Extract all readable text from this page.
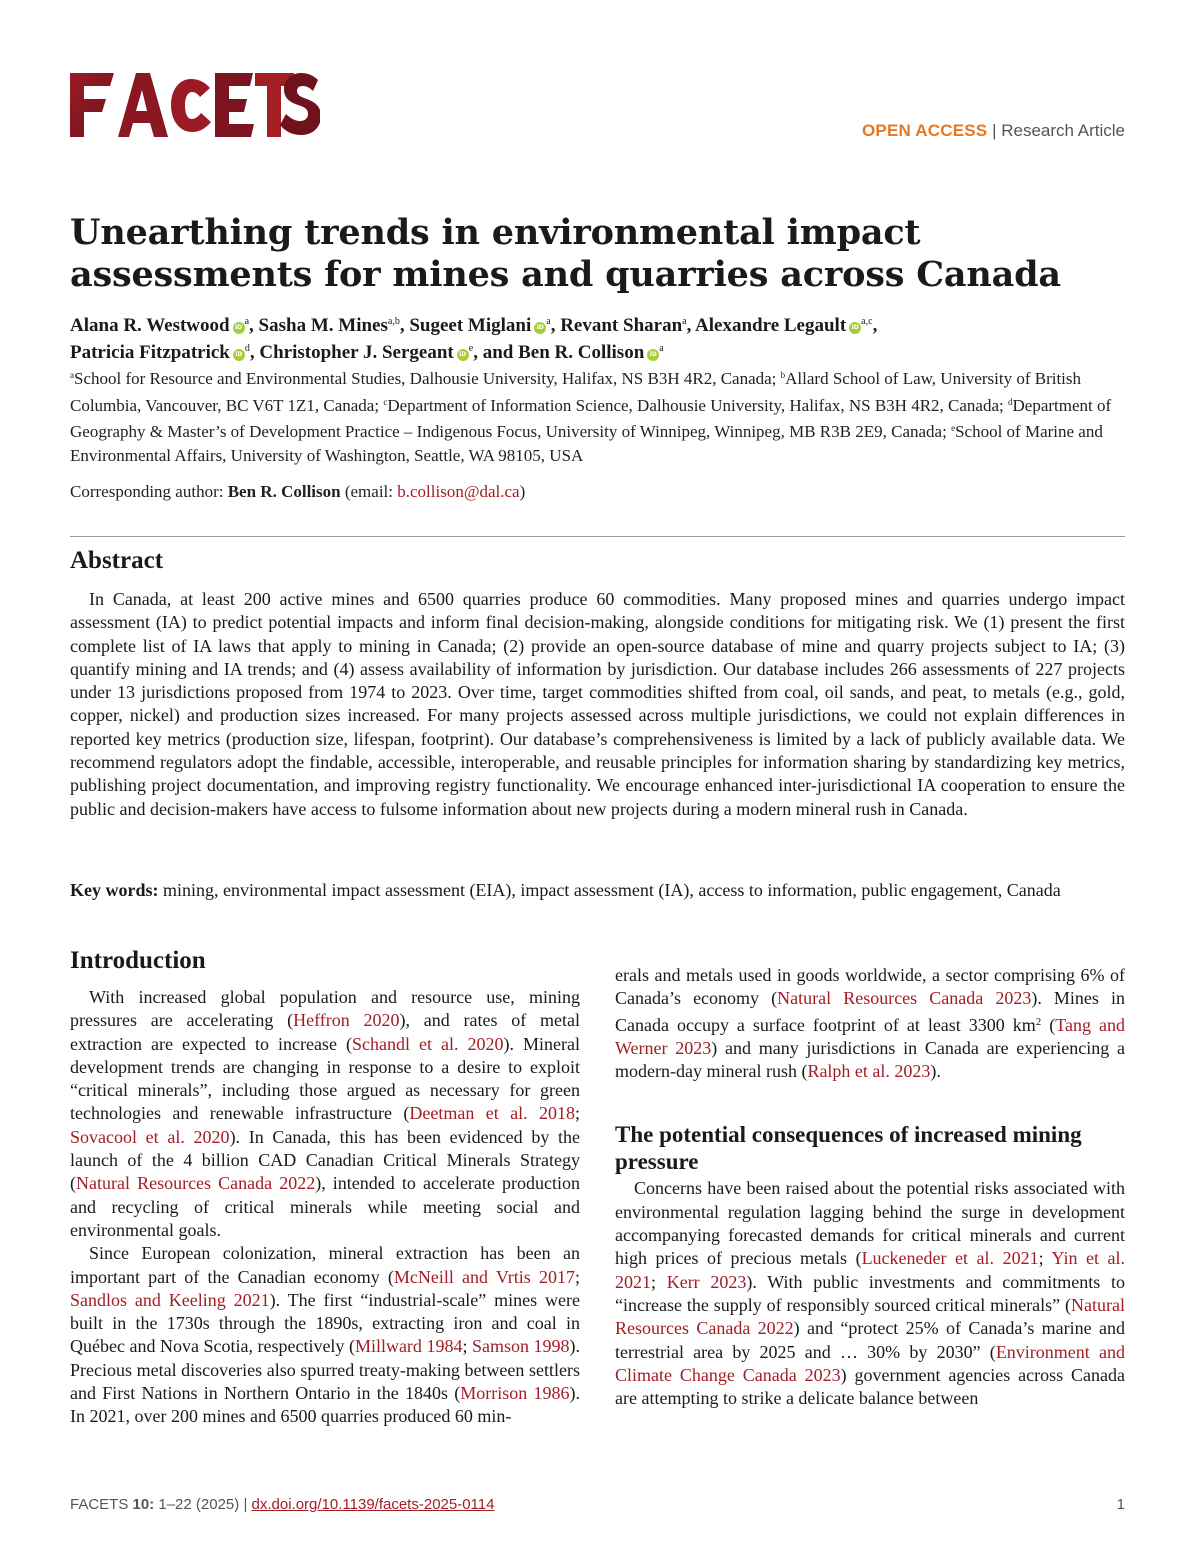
OPEN ACCESS | Research Article
Unearthing trends in environmental impact assessments for mines and quarries across Canada
Alana R. Westwood $iD^a$, Sasha M. Mines$^{a,b}$, Sugeet Miglani $iD^a$, Revant Sharan$^a$, Alexandre Legault iD$^{a,c}$,
Patricia Fitzpatrick $iD^d$, Christopher J. Sergeant $iD^e$, and Ben R. Collison $iD^a$
$^a$School for Resource and Environmental Studies, Dalhousie University, Halifax, NS B3H 4R2, Canada; $^b$Allard School of Law, University of British Columbia, Vancouver, BC V6T 1Z1, Canada; $^c$Department of Information Science, Dalhousie University, Halifax, NS B3H 4R2, Canada; $^d$Department of Geography & Master’s of Development Practice – Indigenous Focus, University of Winnipeg, Winnipeg, MB R3B 2E9, Canada; $^e$School of Marine and Environmental Affairs, University of Washington, Seattle, WA 98105, USA
Corresponding author: Ben R. Collison (email: b.collison@dal.ca)
Abstract

In Canada, at least 200 active mines and 6500 quarries produce 60 commodities. Many proposed mines and quarries undergo impact assessment (IA) to predict potential impacts and inform final decision-making, alongside conditions for mitigating risk. We (1) present the first complete list of IA laws that apply to mining in Canada; (2) provide an open-source database of mine and quarry projects subject to IA; (3) quantify mining and IA trends; and (4) assess availability of information by jurisdiction. Our database includes 266 assessments of 227 projects under 13 jurisdictions proposed from 1974 to 2023. Over time, target commodities shifted from coal, oil sands, and peat, to metals (e.g., gold, copper, nickel) and production sizes increased. For many projects assessed across multiple jurisdictions, we could not explain differences in reported key metrics (production size, lifespan, footprint). Our database’s comprehensiveness is limited by a lack of publicly available data. We recommend regulators adopt the findable, accessible, interoperable, and reusable principles for information sharing by standardizing key metrics, publishing project documentation, and improving registry functionality. We encourage enhanced inter-jurisdictional IA cooperation to ensure the public and decision-makers have access to fulsome information about new projects during a modern mineral rush in Canada.

Key words: mining, environmental impact assessment (EIA), impact assessment (IA), access to information, public engagement, Canada

Introduction

With increased global population and resource use, mining pressures are accelerating (Heffron 2020), and rates of metal extraction are expected to increase (Schandl et al. 2020). Mineral development trends are changing in response to a desire to exploit “critical minerals”, including those argued as necessary for green technologies and renewable infrastructure (Deetman et al. 2018; Sovacool et al. 2020). In Canada, this has been evidenced by the launch of the 4 billion CAD Canadian Critical Minerals Strategy (Natural Resources Canada 2022), intended to accelerate production and recycling of critical minerals while meeting social and environmental goals.

Since European colonization, mineral extraction has been an important part of the Canadian economy (McNeill and Vrtis 2017; Sandlos and Keeling 2021). The first “industrial-scale” mines were built in the 1730s through the 1890s, extracting iron and coal in Québec and Nova Scotia, respectively (Millward 1984; Samson 1998). Precious metal discoveries also spurred treaty-making between settlers and First Nations in Northern Ontario in the 1840s (Morrison 1986). In 2021, over 200 mines and 6500 quarries produced 60 min-

erals and metals used in goods worldwide, a sector comprising 6% of Canada’s economy (Natural Resources Canada 2023). Mines in Canada occupy a surface footprint of at least 3300 $km^2$ (Tang and Werner 2023) and many jurisdictions in Canada are experiencing a modern-day mineral rush (Ralph et al. 2023).

The potential consequences of increased mining pressure

Concerns have been raised about the potential risks associated with environmental regulation lagging behind the surge in development accompanying forecasted demands for critical minerals and current high prices of precious metals (Luckeneder et al. 2021; Yin et al. 2021; Kerr 2023). With public investments and commitments to “increase the supply of responsibly sourced critical minerals” (Natural Resources Canada 2022) and “protect 25% of Canada’s marine and terrestrial area by 2025 and … 30% by 2030” (Environment and Climate Change Canada 2023) government agencies across Canada are attempting to strike a delicate balance between

FACETS 10: 1–22 (2025) | dx.doi.org/10.1139/facets-2025-0114	1
